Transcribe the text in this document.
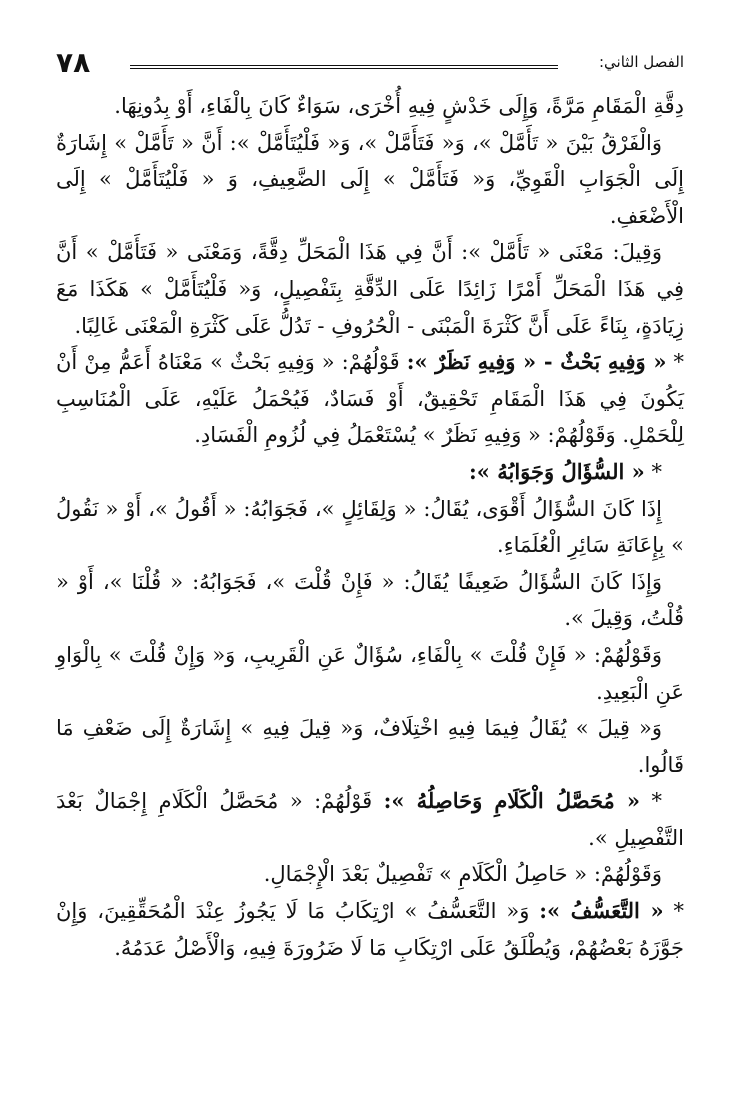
٧٨	الفصل الثاني:

دِقَّةِ الْمَقَامِ مَرَّةً، وَإِلَى خَدْشٍ فِيهِ أُخْرَى، سَوَاءٌ كَانَ بِالْفَاءِ، أَوْ بِدُونِهَا.

وَالْفَرْقُ بَيْنَ « تَأَمَّلْ »، وَ« فَتَأَمَّلْ »، وَ« فَلْيُتَأَمَّلْ »: أَنَّ « تَأَمَّلْ » إِشَارَةٌ إِلَى الْجَوَابِ الْقَوِيِّ، وَ« فَتَأَمَّلْ » إِلَى الضَّعِيفِ، وَ « فَلْيُتَأَمَّلْ » إِلَى الْأَضْعَفِ.

وَقِيلَ: مَعْنَى « تَأَمَّلْ »: أَنَّ فِي هَذَا الْمَحَلِّ دِقَّةً، وَمَعْنَى « فَتَأَمَّلْ » أَنَّ فِي هَذَا الْمَحَلِّ أَمْرًا زَائِدًا عَلَى الدِّقَّةِ بِتَفْصِيلٍ، وَ« فَلْيُتَأَمَّلْ » هَكَذَا مَعَ زِيَادَةٍ، بِنَاءً عَلَى أَنَّ كَثْرَةَ الْمَبْنَى - الْحُرُوفِ - تَدُلُّ عَلَى كَثْرَةِ الْمَعْنَى غَالِبًا.

* « وَفِيهِ بَحْثٌ - « وَفِيهِ نَظَرٌ »: قَوْلُهُمْ: « وَفِيهِ بَحْثٌ » مَعْنَاهُ أَعَمُّ مِنْ أَنْ يَكُونَ فِي هَذَا الْمَقَامِ تَحْقِيقٌ، أَوْ فَسَادٌ، فَيُحْمَلُ عَلَيْهِ، عَلَى الْمُنَاسِبِ لِلْحَمْلِ. وَقَوْلُهُمْ: « وَفِيهِ نَظَرٌ » يُسْتَعْمَلُ فِي لُزُومِ الْفَسَادِ.

* « السُّؤَالُ وَجَوَابُهُ »:

إِذَا كَانَ السُّؤَالُ أَقْوَى، يُقَالُ: « وَلِقَائِلٍ »، فَجَوَابُهُ: « أَقُولُ »، أَوْ « نَقُولُ » بِإِعَانَةِ سَائِرِ الْعُلَمَاءِ.

وَإِذَا كَانَ السُّؤَالُ ضَعِيفًا يُقَالُ: « فَإِنْ قُلْتَ »، فَجَوَابُهُ: « قُلْنَا »، أَوْ « قُلْتُ، وَقِيلَ ».

وَقَوْلُهُمْ: « فَإِنْ قُلْتَ » بِالْفَاءِ، سُؤَالٌ عَنِ الْقَرِيبِ، وَ« وَإِنْ قُلْتَ » بِالْوَاوِ عَنِ الْبَعِيدِ.

وَ« قِيلَ » يُقَالُ فِيمَا فِيهِ اخْتِلَافٌ، وَ« قِيلَ فِيهِ » إِشَارَةٌ إِلَى ضَعْفِ مَا قَالُوا.

* « مُحَصَّلُ الْكَلَامِ وَحَاصِلُهُ »: قَوْلُهُمْ: « مُحَصَّلُ الْكَلَامِ إِجْمَالٌ بَعْدَ التَّفْصِيلِ ».

وَقَوْلُهُمْ: « حَاصِلُ الْكَلَامِ » تَفْصِيلٌ بَعْدَ الْإِجْمَالِ.

* « التَّعَسُّفُ »: وَ« التَّعَسُّفُ » ارْتِكَابُ مَا لَا يَجُوزُ عِنْدَ الْمُحَقِّقِينَ، وَإِنْ جَوَّزَهُ بَعْضُهُمْ، وَيُطْلَقُ عَلَى ارْتِكَابِ مَا لَا ضَرُورَةَ فِيهِ، وَالْأَصْلُ عَدَمُهُ.
